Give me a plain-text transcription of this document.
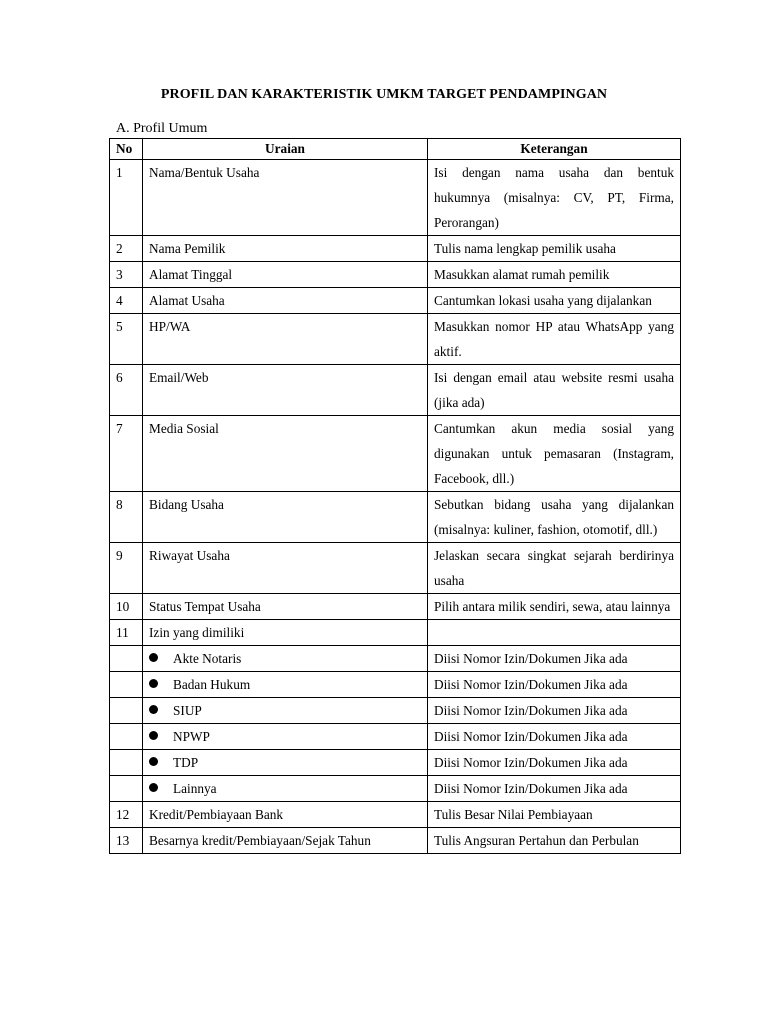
PROFIL DAN KARAKTERISTIK UMKM TARGET PENDAMPINGAN
A. Profil Umum
No	Uraian	Keterangan
1	Nama/Bentuk Usaha	Isi dengan nama usaha dan bentuk hukumnya (misalnya: CV, PT, Firma, Perorangan)
2	Nama Pemilik	Tulis nama lengkap pemilik usaha
3	Alamat Tinggal	Masukkan alamat rumah pemilik
4	Alamat Usaha	Cantumkan lokasi usaha yang dijalankan
5	HP/WA	Masukkan nomor HP atau WhatsApp yang aktif.
6	Email/Web	Isi dengan email atau website resmi usaha (jika ada)
7	Media Sosial	Cantumkan akun media sosial yang digunakan untuk pemasaran (Instagram, Facebook, dll.)
8	Bidang Usaha	Sebutkan bidang usaha yang dijalankan (misalnya: kuliner, fashion, otomotif, dll.)
9	Riwayat Usaha	Jelaskan secara singkat sejarah berdirinya usaha
10	Status Tempat Usaha	Pilih antara milik sendiri, sewa, atau lainnya
11	Izin yang dimiliki	
	Akte Notaris	Diisi Nomor Izin/Dokumen Jika ada
	Badan Hukum	Diisi Nomor Izin/Dokumen Jika ada
	SIUP	Diisi Nomor Izin/Dokumen Jika ada
	NPWP	Diisi Nomor Izin/Dokumen Jika ada
	TDP	Diisi Nomor Izin/Dokumen Jika ada
	Lainnya	Diisi Nomor Izin/Dokumen Jika ada
12	Kredit/Pembiayaan Bank	Tulis Besar Nilai Pembiayaan
13	Besarnya kredit/Pembiayaan/Sejak Tahun	Tulis Angsuran Pertahun dan Perbulan
